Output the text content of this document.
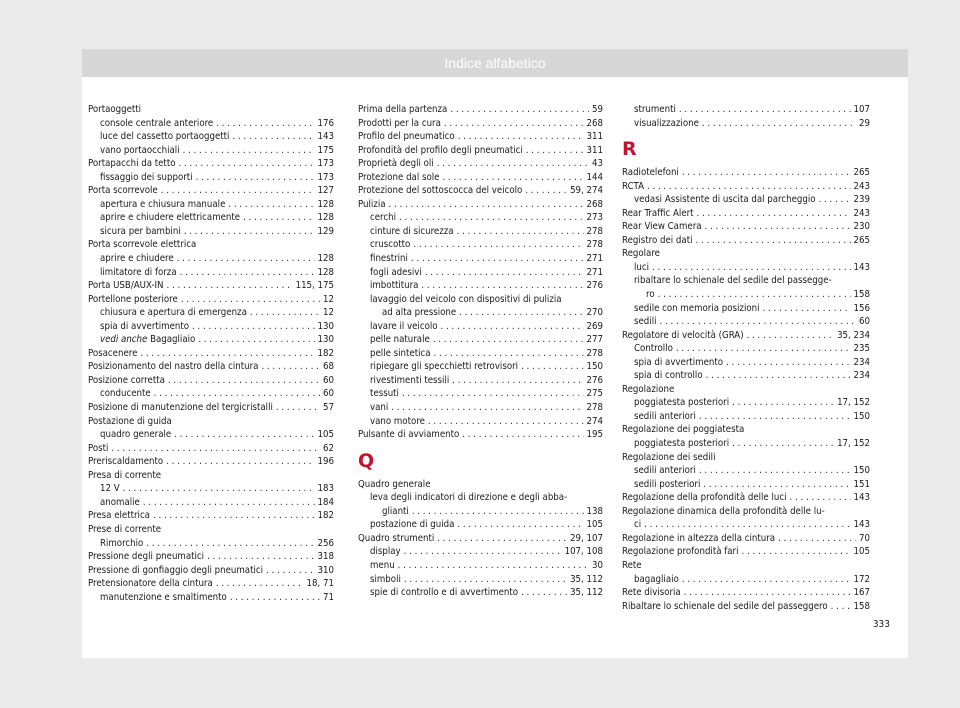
Indice alfabetico
Portaoggetti
console centrale anteriore . . .	176
luce del cassetto portaoggetti . . .	143
vano portaocchiali . . .	175
Portapacchi da tetto . . .	173
fissaggio dei supporti . . .	173
Porta scorrevole . . .	127
apertura e chiusura manuale . . .	128
aprire e chiudere elettricamente . . .	128
sicura per bambini . . .	129
Porta scorrevole elettrica
aprire e chiudere . . .	128
limitatore di forza . . .	128
Porta USB/AUX-IN . . .	115, 175
Portellone posteriore . . .	12
chiusura e apertura di emergenza . . .	12
spia di avvertimento . . .	130
vedi anche Bagagliaio . . .	130
Posacenere . . .	182
Posizionamento del nastro della cintura . . .	68
Posizione corretta . . .	60
conducente . . .	60
Posizione di manutenzione del tergicristalli . . .	57
Postazione di guida
quadro generale . . .	105
Posti . . .	62
Preriscaldamento . . .	196
Presa di corrente
12 V . . .	183
anomalie . . .	184
Presa elettrica . . .	182
Prese di corrente
Rimorchio . . .	256
Pressione degli pneumatici . . .	318
Pressione di gonfiaggio degli pneumatici . . .	310
Pretensionatore della cintura . . .	18, 71
manutenzione e smaltimento . . .	71
Prima della partenza . . .	59
Prodotti per la cura . . .	268
Profilo del pneumatico . . .	311
Profondità del profilo degli pneumatici . . .	311
Proprietà degli oli . . .	43
Protezione dal sole . . .	144
Protezione del sottoscocca del veicolo . . .	59, 274
Pulizia . . .	268
cerchi . . .	273
cinture di sicurezza . . .	278
cruscotto . . .	278
finestrini . . .	271
fogli adesivi . . .	271
imbottitura . . .	276
lavaggio del veicolo con dispositivi di pulizia
ad alta pressione . . .	270
lavare il veicolo . . .	269
pelle naturale . . .	277
pelle sintetica . . .	278
ripiegare gli specchietti retrovisori . . .	150
rivestimenti tessili . . .	276
tessuti . . .	275
vani . . .	278
vano motore . . .	274
Pulsante di avviamento . . .	195
Q
Quadro generale
leva degli indicatori di direzione e degli abba-
glianti . . .	138
postazione di guida . . .	105
Quadro strumenti . . .	29, 107
display . . .	107, 108
menu . . .	30
simboli . . .	35, 112
spie di controllo e di avvertimento . . .	35, 112
strumenti . . .	107
visualizzazione . . .	29
R
Radiotelefoni . . .	265
RCTA . . .	243
vedasi Assistente di uscita dal parcheggio . . .	239
Rear Traffic Alert . . .	243
Rear View Camera . . .	230
Registro dei dati . . .	265
Regolare
luci . . .	143
ribaltare lo schienale del sedile del passegge-
ro . . .	158
sedile con memoria posizioni . . .	156
sedili . . .	60
Regolatore di velocità (GRA) . . .	35, 234
Controllo . . .	235
spia di avvertimento . . .	234
spia di controllo . . .	234
Regolazione
poggiatesta posteriori . . .	17, 152
sedili anteriori . . .	150
Regolazione dei poggiatesta
poggiatesta posteriori . . .	17, 152
Regolazione dei sedili
sedili anteriori . . .	150
sedili posteriori . . .	151
Regolazione della profondità delle luci . . .	143
Regolazione dinamica della profondità delle lu-
ci . . .	143
Regolazione in altezza della cintura . . .	70
Regolazione profondità fari . . .	105
Rete
bagagliaio . . .	172
Rete divisoria . . .	167
Ribaltare lo schienale del sedile del passeggero . . .	158
333
